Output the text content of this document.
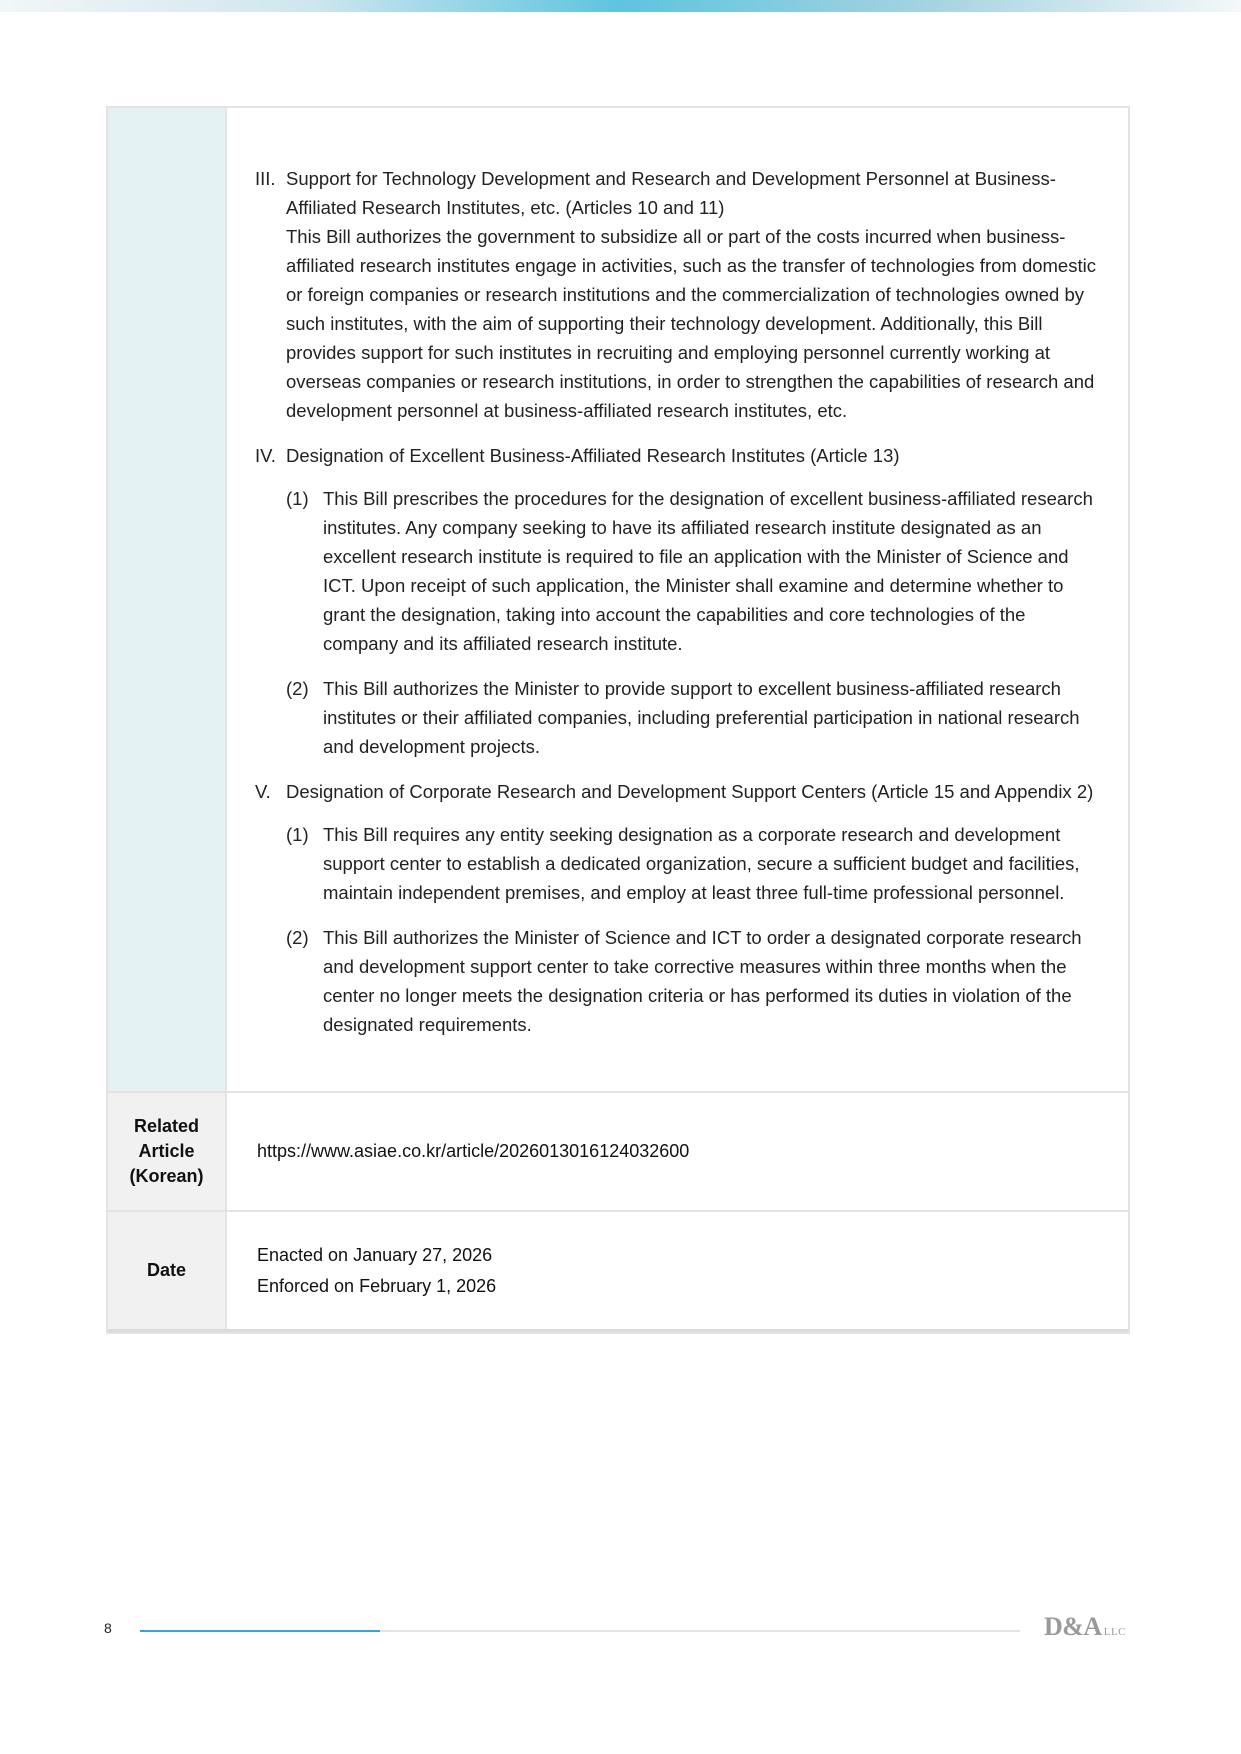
III. Support for Technology Development and Research and Development Personnel at Business-Affiliated Research Institutes, etc. (Articles 10 and 11)
This Bill authorizes the government to subsidize all or part of the costs incurred when business-affiliated research institutes engage in activities, such as the transfer of technologies from domestic or foreign companies or research institutions and the commercialization of technologies owned by such institutes, with the aim of supporting their technology development. Additionally, this Bill provides support for such institutes in recruiting and employing personnel currently working at overseas companies or research institutions, in order to strengthen the capabilities of research and development personnel at business-affiliated research institutes, etc.
IV. Designation of Excellent Business-Affiliated Research Institutes (Article 13)
(1) This Bill prescribes the procedures for the designation of excellent business-affiliated research institutes. Any company seeking to have its affiliated research institute designated as an excellent research institute is required to file an application with the Minister of Science and ICT. Upon receipt of such application, the Minister shall examine and determine whether to grant the designation, taking into account the capabilities and core technologies of the company and its affiliated research institute.
(2) This Bill authorizes the Minister to provide support to excellent business-affiliated research institutes or their affiliated companies, including preferential participation in national research and development projects.
V. Designation of Corporate Research and Development Support Centers (Article 15 and Appendix 2)
(1) This Bill requires any entity seeking designation as a corporate research and development support center to establish a dedicated organization, secure a sufficient budget and facilities, maintain independent premises, and employ at least three full-time professional personnel.
(2) This Bill authorizes the Minister of Science and ICT to order a designated corporate research and development support center to take corrective measures within three months when the center no longer meets the designation criteria or has performed its duties in violation of the designated requirements.
Related
Article
(Korean)
https://www.asiae.co.kr/article/2026013016124032600
Date
Enacted on January 27, 2026
Enforced on February 1, 2026
8	D&A LLC
